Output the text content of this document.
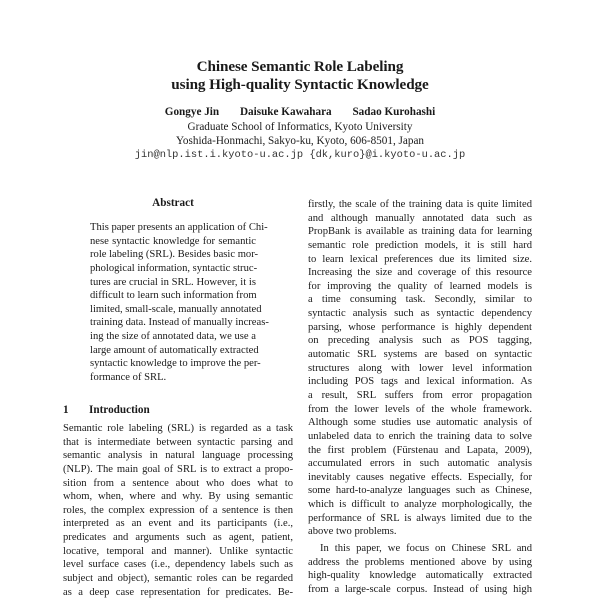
Chinese Semantic Role Labeling
using High-quality Syntactic Knowledge
Gongye Jin Daisuke Kawahara Sadao Kurohashi
Graduate School of Informatics, Kyoto University
Yoshida-Honmachi, Sakyo-ku, Kyoto, 606-8501, Japan
jin@nlp.ist.i.kyoto-u.ac.jp {dk,kuro}@i.kyoto-u.ac.jp
Abstract
This paper presents an application of Chi-
nese syntactic knowledge for semantic
role labeling (SRL). Besides basic mor-
phological information, syntactic struc-
tures are crucial in SRL. However, it is
difficult to learn such information from
limited, small-scale, manually annotated
training data. Instead of manually increas-
ing the size of annotated data, we use a
large amount of automatically extracted
syntactic knowledge to improve the per-
formance of SRL.
1 Introduction
Semantic role labeling (SRL) is regarded as a task
that is intermediate between syntactic parsing and
semantic analysis in natural language processing
(NLP). The main goal of SRL is to extract a propo-
sition from a sentence about who does what to
whom, when, where and why. By using semantic
roles, the complex expression of a sentence is then
interpreted as an event and its participants (i.e.,
predicates and arguments such as agent, patient,
locative, temporal and manner). Unlike syntactic
level surface cases (i.e., dependency labels such as
subject and object), semantic roles can be regarded
as a deep case representation for predicates. Be-
firstly, the scale of the training data is quite limited
and although manually annotated data such as
PropBank is available as training data for learning
semantic role prediction models, it is still hard
to learn lexical preferences due its limited size.
Increasing the size and coverage of this resource
for improving the quality of learned models is
a time consuming task. Secondly, similar to
syntactic analysis such as syntactic dependency
parsing, whose performance is highly dependent
on preceding analysis such as POS tagging,
automatic SRL systems are based on syntactic
structures along with lower level information
including POS tags and lexical information. As
a result, SRL suffers from error propagation
from the lower levels of the whole framework.
Although some studies use automatic analysis of
unlabeled data to enrich the training data to solve
the first problem (Fürstenau and Lapata, 2009),
accumulated errors in such automatic analysis
inevitably causes negative effects. Especially, for
some hard-to-analyze languages such as Chinese,
which is difficult to analyze morphologically, the
performance of SRL is always limited due to the
above two problems.
In this paper, we focus on Chinese SRL and
address the problems mentioned above by using
high-quality knowledge automatically extracted
from a large-scale corpus. Instead of using high
